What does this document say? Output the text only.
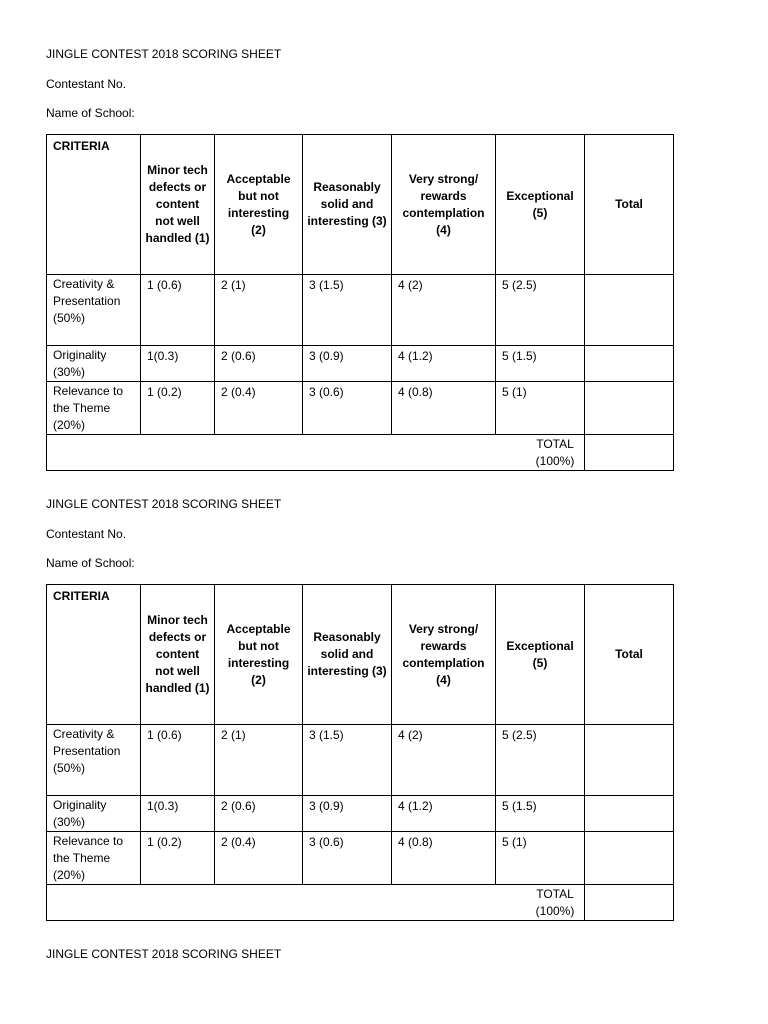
JINGLE CONTEST 2018 SCORING SHEET
Contestant No.
Name of School:
CRITERIA	Minor tech defects or content not well handled (1)	Acceptable but not interesting (2)	Reasonably solid and interesting (3)	Very strong/ rewards contemplation (4)	Exceptional (5)	Total
Creativity & Presentation (50%)	1 (0.6)	2 (1)	3 (1.5)	4 (2)	5 (2.5)	
Originality (30%)	1(0.3)	2 (0.6)	3 (0.9)	4 (1.2)	5 (1.5)	
Relevance to the Theme (20%)	1 (0.2)	2 (0.4)	3 (0.6)	4 (0.8)	5 (1)	
TOTAL (100%)						
JINGLE CONTEST 2018 SCORING SHEET
Contestant No.
Name of School:
CRITERIA	Minor tech defects or content not well handled (1)	Acceptable but not interesting (2)	Reasonably solid and interesting (3)	Very strong/ rewards contemplation (4)	Exceptional (5)	Total
Creativity & Presentation (50%)	1 (0.6)	2 (1)	3 (1.5)	4 (2)	5 (2.5)	
Originality (30%)	1(0.3)	2 (0.6)	3 (0.9)	4 (1.2)	5 (1.5)	
Relevance to the Theme (20%)	1 (0.2)	2 (0.4)	3 (0.6)	4 (0.8)	5 (1)	
TOTAL (100%)						
JINGLE CONTEST 2018 SCORING SHEET
